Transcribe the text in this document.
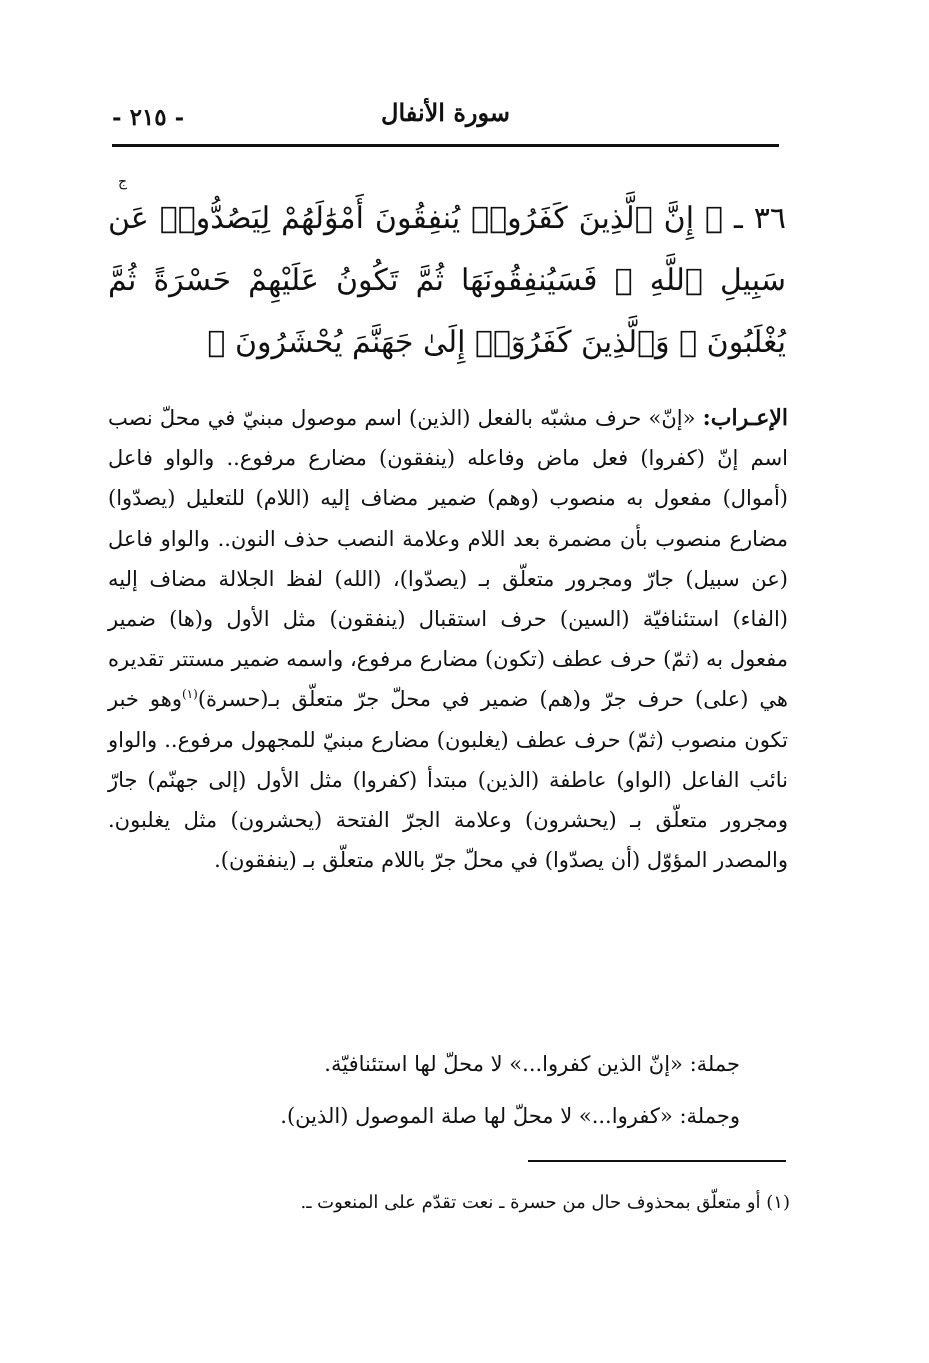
سورة الأنفال
- ٢١٥ -
ج
٣٦ ـ ﴿ إِنَّ ٱلَّذِينَ كَفَرُوا۟ يُنفِقُونَ أَمْوَٰلَهُمْ لِيَصُدُّوا۟ عَن سَبِيلِ ٱللَّهِ ۚ فَسَيُنفِقُونَهَا ثُمَّ تَكُونُ عَلَيْهِمْ حَسْرَةً ثُمَّ يُغْلَبُونَ ۗ وَٱلَّذِينَ كَفَرُوٓا۟ إِلَىٰ جَهَنَّمَ يُحْشَرُونَ ﴾
الإعـراب: «إنّ» حرف مشبّه بالفعل (الذين) اسم موصول مبنيّ في محلّ نصب اسم إنّ (كفروا) فعل ماض وفاعله (ينفقون) مضارع مرفوع.. والواو فاعل (أموال) مفعول به منصوب (وهم) ضمير مضاف إليه (اللام) للتعليل (يصدّوا) مضارع منصوب بأن مضمرة بعد اللام وعلامة النصب حذف النون.. والواو فاعل (عن سبيل) جارّ ومجرور متعلّق بـ (يصدّوا)، (الله) لفظ الجلالة مضاف إليه (الفاء) استئنافيّة (السين) حرف استقبال (ينفقون) مثل الأول و(ها) ضمير مفعول به (ثمّ) حرف عطف (تكون) مضارع مرفوع، واسمه ضمير مستتر تقديره هي (على) حرف جرّ و(هم) ضمير في محلّ جرّ متعلّق بـ(حسرة)$^{(١)}$وهو خبر تكون منصوب (ثمّ) حرف عطف (يغلبون) مضارع مبنيّ للمجهول مرفوع.. والواو نائب الفاعل (الواو) عاطفة (الذين) مبتدأ (كفروا) مثل الأول (إلى جهنّم) جارّ ومجرور متعلّق بـ (يحشرون) وعلامة الجرّ الفتحة (يحشرون) مثل يغلبون. والمصدر المؤوّل (أن يصدّوا) في محلّ جرّ باللام متعلّق بـ (ينفقون).
جملة: «إنّ الذين كفروا...» لا محلّ لها استئنافيّة.
وجملة: «كفروا...» لا محلّ لها صلة الموصول (الذين).
(١) أو متعلّق بمحذوف حال من حسرة ـ نعت تقدّم على المنعوت ـ.
